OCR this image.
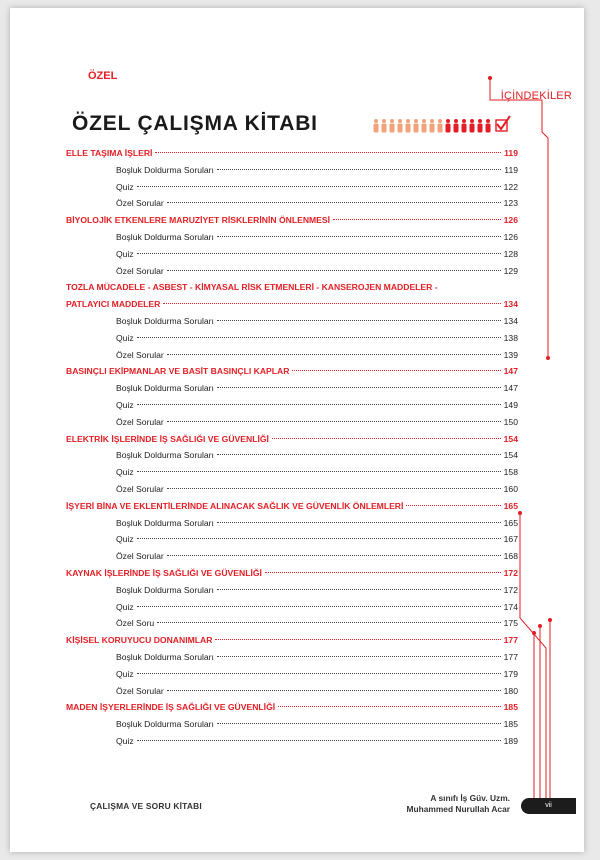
ÖZEL
İÇİNDEKİLER
ÖZEL ÇALIŞMA KİTABI
ELLE TAŞIMA İŞLERİ	119
Boşluk Doldurma Soruları	119
Quiz	122
Özel Sorular	123
BİYOLOJİK ETKENLERE MARUZİYET RİSKLERİNİN ÖNLENMESİ	126
Boşluk Doldurma Soruları	126
Quiz	128
Özel Sorular	129
TOZLA MÜCADELE - ASBEST - KİMYASAL RİSK ETMENLERİ - KANSEROJEN MADDELER -
PATLAYICI MADDELER	134
Boşluk Doldurma Soruları	134
Quiz	138
Özel Sorular	139
BASINÇLI EKİPMANLAR VE BASİT BASINÇLI KAPLAR	147
Boşluk Doldurma Soruları	147
Quiz	149
Özel Sorular	150
ELEKTRİK İŞLERİNDE İŞ SAĞLIĞI VE GÜVENLİĞİ	154
Boşluk Doldurma Soruları	154
Quiz	158
Özel Sorular	160
İŞYERİ BİNA VE EKLENTİLERİNDE ALINACAK SAĞLIK VE GÜVENLİK ÖNLEMLERİ	165
Boşluk Doldurma Soruları	165
Quiz	167
Özel Sorular	168
KAYNAK İŞLERİNDE İŞ SAĞLIĞI VE GÜVENLİĞİ	172
Boşluk Doldurma Soruları	172
Quiz	174
Özel Soru	175
KİŞİSEL KORUYUCU DONANIMLAR	177
Boşluk Doldurma Soruları	177
Quiz	179
Özel Sorular	180
MADEN İŞYERLERİNDE İŞ SAĞLIĞI VE GÜVENLİĞİ	185
Boşluk Doldurma Soruları	185
Quiz	189
ÇALIŞMA VE SORU KİTABI
A sınıfı İş Güv. Uzm.
Muhammed Nurullah Acar	vii
